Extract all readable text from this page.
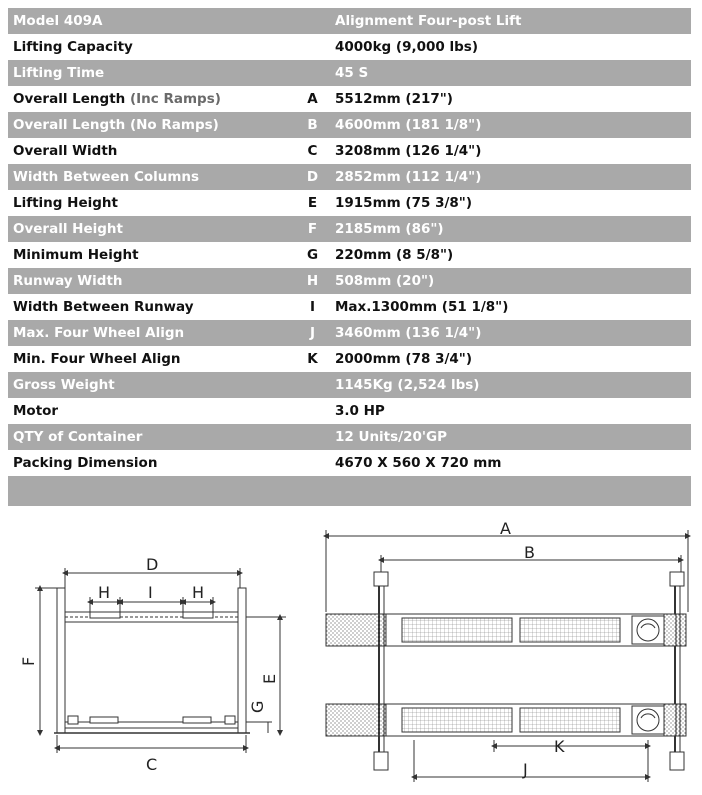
Model 409A	Alignment Four-post Lift
Lifting Capacity	4000kg (9,000 lbs)
Lifting Time	45 S
Overall Length (Inc Ramps)	A	5512mm (217")
Overall Length (No Ramps)	B	4600mm (181 1/8")
Overall Width	C	3208mm (126 1/4")
Width Between Columns	D	2852mm (112 1/4")
Lifting Height	E	1915mm (75 3/8")
Overall Height	F	2185mm (86")
Minimum Height	G	220mm (8 5/8")
Runway Width	H	508mm (20")
Width Between Runway	I	Max.1300mm (51 1/8")
Max. Four Wheel Align	J	3460mm (136 1/4")
Min. Four Wheel Align	K	2000mm (78 3/4")
Gross Weight	1145Kg (2,524 lbs)
Motor	3.0 HP
QTY of Container	12 Units/20'GP
Packing Dimension	4670 X 560 X 720 mm
D
H I H
F
E
G
C
A
B
K
J
